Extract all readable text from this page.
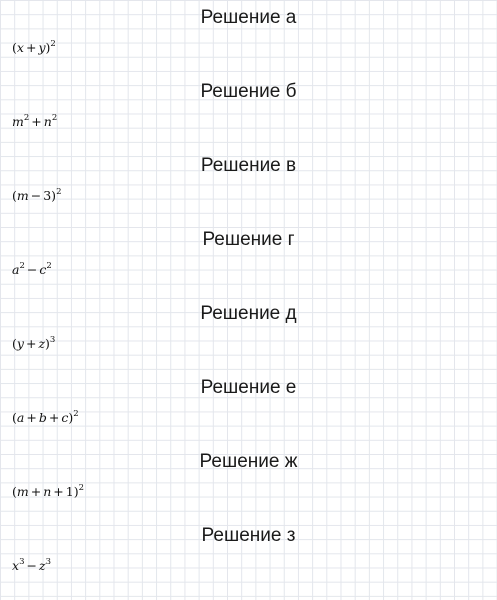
Решение а
$(x + y)^2$
Решение б
$m^2 + n^2$
Решение в
$(m - 3)^2$
Решение г
$a^2 - c^2$
Решение д
$(y + z)^3$
Решение е
$(a + b + c)^2$
Решение ж
$(m + n + 1)^2$
Решение з
$x^3 - z^3$
